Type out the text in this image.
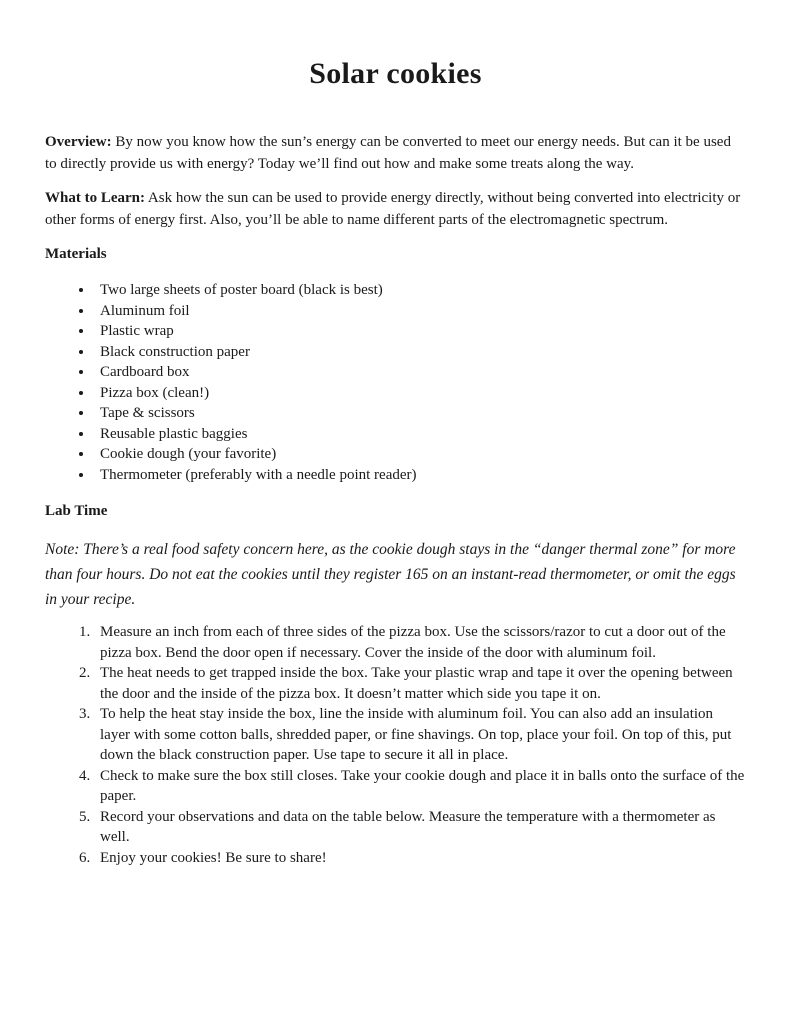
Solar cookies

Overview: By now you know how the sun’s energy can be converted to meet our energy needs. But can it be used to directly provide us with energy? Today we’ll find out how and make some treats along the way.

What to Learn: Ask how the sun can be used to provide energy directly, without being converted into electricity or other forms of energy first. Also, you’ll be able to name different parts of the electromagnetic spectrum.

Materials
• Two large sheets of poster board (black is best)
• Aluminum foil
• Plastic wrap
• Black construction paper
• Cardboard box
• Pizza box (clean!)
• Tape & scissors
• Reusable plastic baggies
• Cookie dough (your favorite)
• Thermometer (preferably with a needle point reader)
Lab Time

Note: There’s a real food safety concern here, as the cookie dough stays in the “danger thermal zone” for more than four hours. Do not eat the cookies until they register 165 on an instant-read thermometer, or omit the eggs in your recipe.

1. Measure an inch from each of three sides of the pizza box. Use the scissors/razor to cut a door out of the pizza box. Bend the door open if necessary. Cover the inside of the door with aluminum foil.
2. The heat needs to get trapped inside the box. Take your plastic wrap and tape it over the opening between the door and the inside of the pizza box. It doesn’t matter which side you tape it on.
3. To help the heat stay inside the box, line the inside with aluminum foil. You can also add an insulation layer with some cotton balls, shredded paper, or fine shavings. On top, place your foil. On top of this, put down the black construction paper. Use tape to secure it all in place.
4. Check to make sure the box still closes. Take your cookie dough and place it in balls onto the surface of the paper.
5. Record your observations and data on the table below. Measure the temperature with a thermometer as well.
6. Enjoy your cookies! Be sure to share!
